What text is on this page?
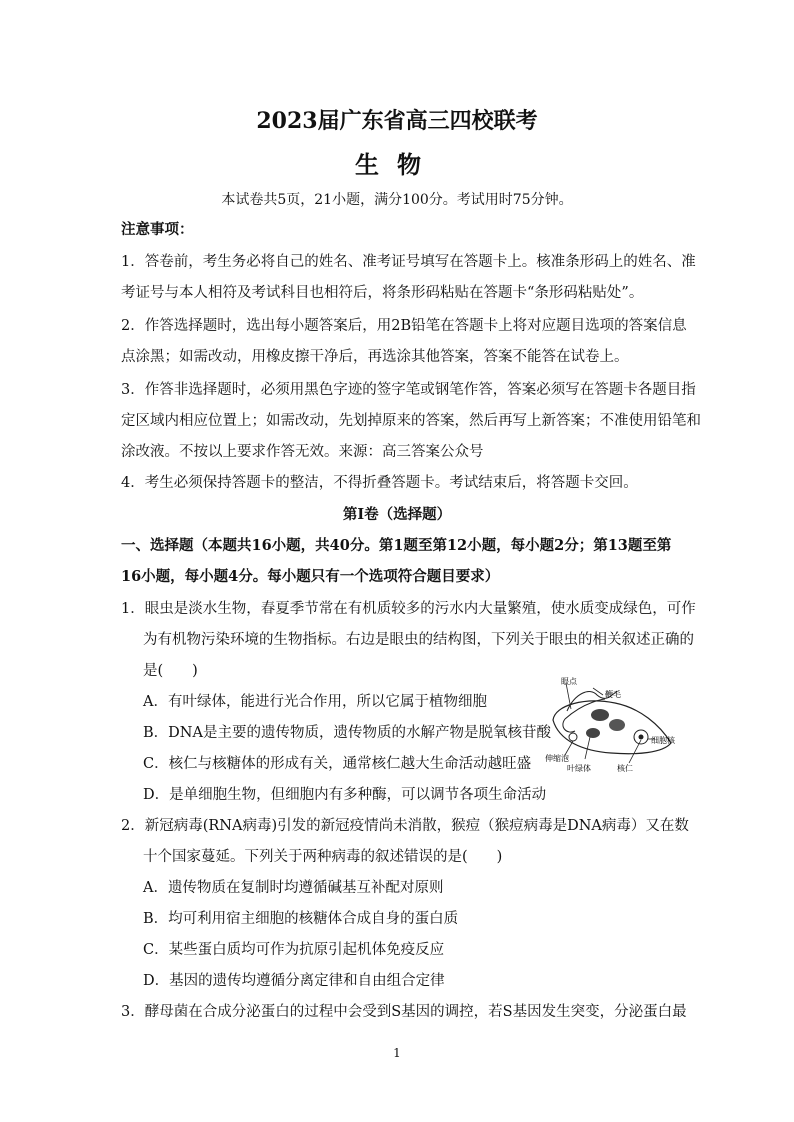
2023届广东省高三四校联考
生物
本试卷共5页，21小题，满分100分。考试用时75分钟。
注意事项：
1．答卷前，考生务必将自己的姓名、准考证号填写在答题卡上。核准条形码上的姓名、准
考证号与本人相符及考试科目也相符后，将条形码粘贴在答题卡“条形码粘贴处”。
2．作答选择题时，选出每小题答案后，用2B铅笔在答题卡上将对应题目选项的答案信息
点涂黑；如需改动，用橡皮擦干净后，再选涂其他答案，答案不能答在试卷上。
3．作答非选择题时，必须用黑色字迹的签字笔或钢笔作答，答案必须写在答题卡各题目指
定区域内相应位置上；如需改动，先划掉原来的答案，然后再写上新答案；不准使用铅笔和
涂改液。不按以上要求作答无效。来源：高三答案公众号
4．考生必须保持答题卡的整洁，不得折叠答题卡。考试结束后，将答题卡交回。
第Ⅰ卷（选择题）
一、选择题（本题共16小题，共40分。第1题至第12小题，每小题2分；第13题至第
16小题，每小题4分。每小题只有一个选项符合题目要求）
1．眼虫是淡水生物，春夏季节常在有机质较多的污水内大量繁殖，使水质变成绿色，可作
为有机物污染环境的生物指标。右边是眼虫的结构图，下列关于眼虫的相关叙述正确的
是(　　)
A．有叶绿体，能进行光合作用，所以它属于植物细胞
B．DNA是主要的遗传物质，遗传物质的水解产物是脱氧核苷酸
C．核仁与核糖体的形成有关，通常核仁越大生命活动越旺盛
D．是单细胞生物，但细胞内有多种酶，可以调节各项生命活动
眼点
鞭毛
细胞核
伸缩泡
叶绿体	核仁
2．新冠病毒(RNA病毒)引发的新冠疫情尚未消散，猴痘（猴痘病毒是DNA病毒）又在数
十个国家蔓延。下列关于两种病毒的叙述错误的是(　　)
A．遗传物质在复制时均遵循碱基互补配对原则
B．均可利用宿主细胞的核糖体合成自身的蛋白质
C．某些蛋白质均可作为抗原引起机体免疫反应
D．基因的遗传均遵循分离定律和自由组合定律
3．酵母菌在合成分泌蛋白的过程中会受到S基因的调控，若S基因发生突变，分泌蛋白最
1
